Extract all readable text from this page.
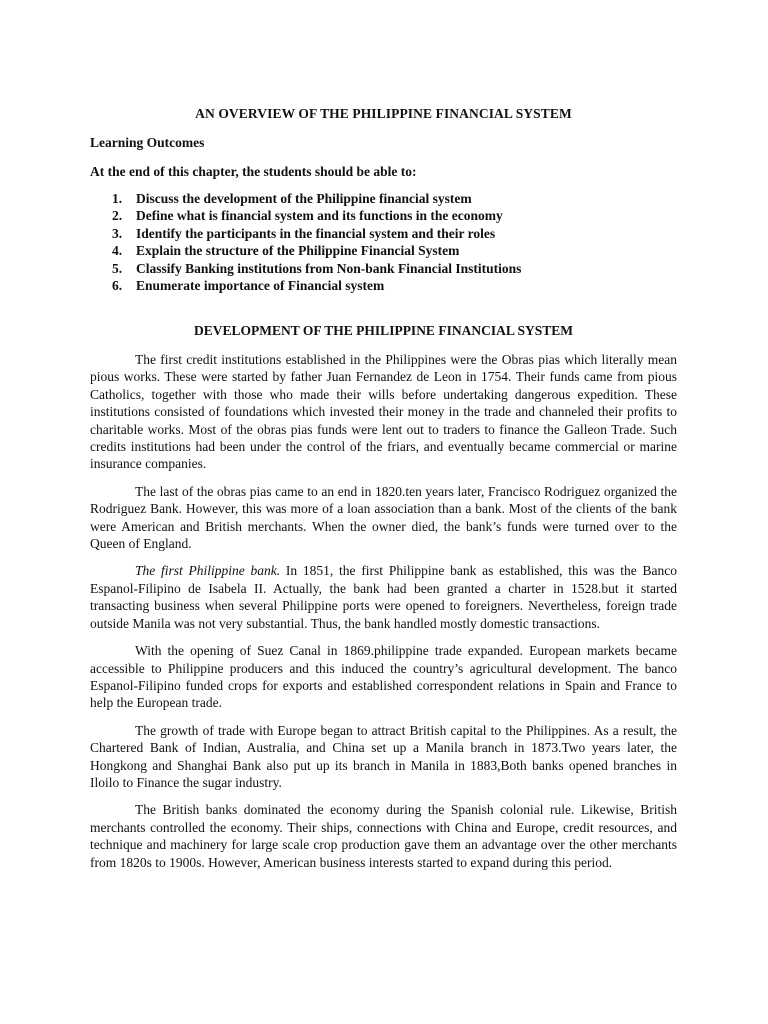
AN OVERVIEW OF THE PHILIPPINE FINANCIAL SYSTEM
Learning Outcomes
At the end of this chapter, the students should be able to:
1.	Discuss the development of the Philippine financial system
2.	Define what is financial system and its functions in the economy
3.	Identify the participants in the financial system and their roles
4.	Explain the structure of the Philippine Financial System
5.	Classify Banking institutions from Non-bank Financial Institutions
6.	Enumerate importance of Financial system
DEVELOPMENT OF THE PHILIPPINE FINANCIAL SYSTEM

The first credit institutions established in the Philippines were the Obras pias which literally mean pious works. These were started by father Juan Fernandez de Leon in 1754. Their funds came from pious Catholics, together with those who made their wills before undertaking dangerous expedition. These institutions consisted of foundations which invested their money in the trade and channeled their profits to charitable works. Most of the obras pias funds were lent out to traders to finance the Galleon Trade. Such credits institutions had been under the control of the friars, and eventually became commercial or marine insurance companies.

The last of the obras pias came to an end in 1820.ten years later, Francisco Rodriguez organized the Rodriguez Bank. However, this was more of a loan association than a bank. Most of the clients of the bank were American and British merchants. When the owner died, the bank’s funds were turned over to the Queen of England.

The first Philippine bank. In 1851, the first Philippine bank as established, this was the Banco Espanol-Filipino de Isabela II. Actually, the bank had been granted a charter in 1528.but it started transacting business when several Philippine ports were opened to foreigners. Nevertheless, foreign trade outside Manila was not very substantial. Thus, the bank handled mostly domestic transactions.

With the opening of Suez Canal in 1869.philippine trade expanded. European markets became accessible to Philippine producers and this induced the country’s agricultural development. The banco Espanol-Filipino funded crops for exports and established correspondent relations in Spain and France to help the European trade.

The growth of trade with Europe began to attract British capital to the Philippines. As a result, the Chartered Bank of Indian, Australia, and China set up a Manila branch in 1873.Two years later, the Hongkong and Shanghai Bank also put up its branch in Manila in 1883,Both banks opened branches in Iloilo to Finance the sugar industry.

The British banks dominated the economy during the Spanish colonial rule. Likewise, British merchants controlled the economy. Their ships, connections with China and Europe, credit resources, and technique and machinery for large scale crop production gave them an advantage over the other merchants from 1820s to 1900s. However, American business interests started to expand during this period.
